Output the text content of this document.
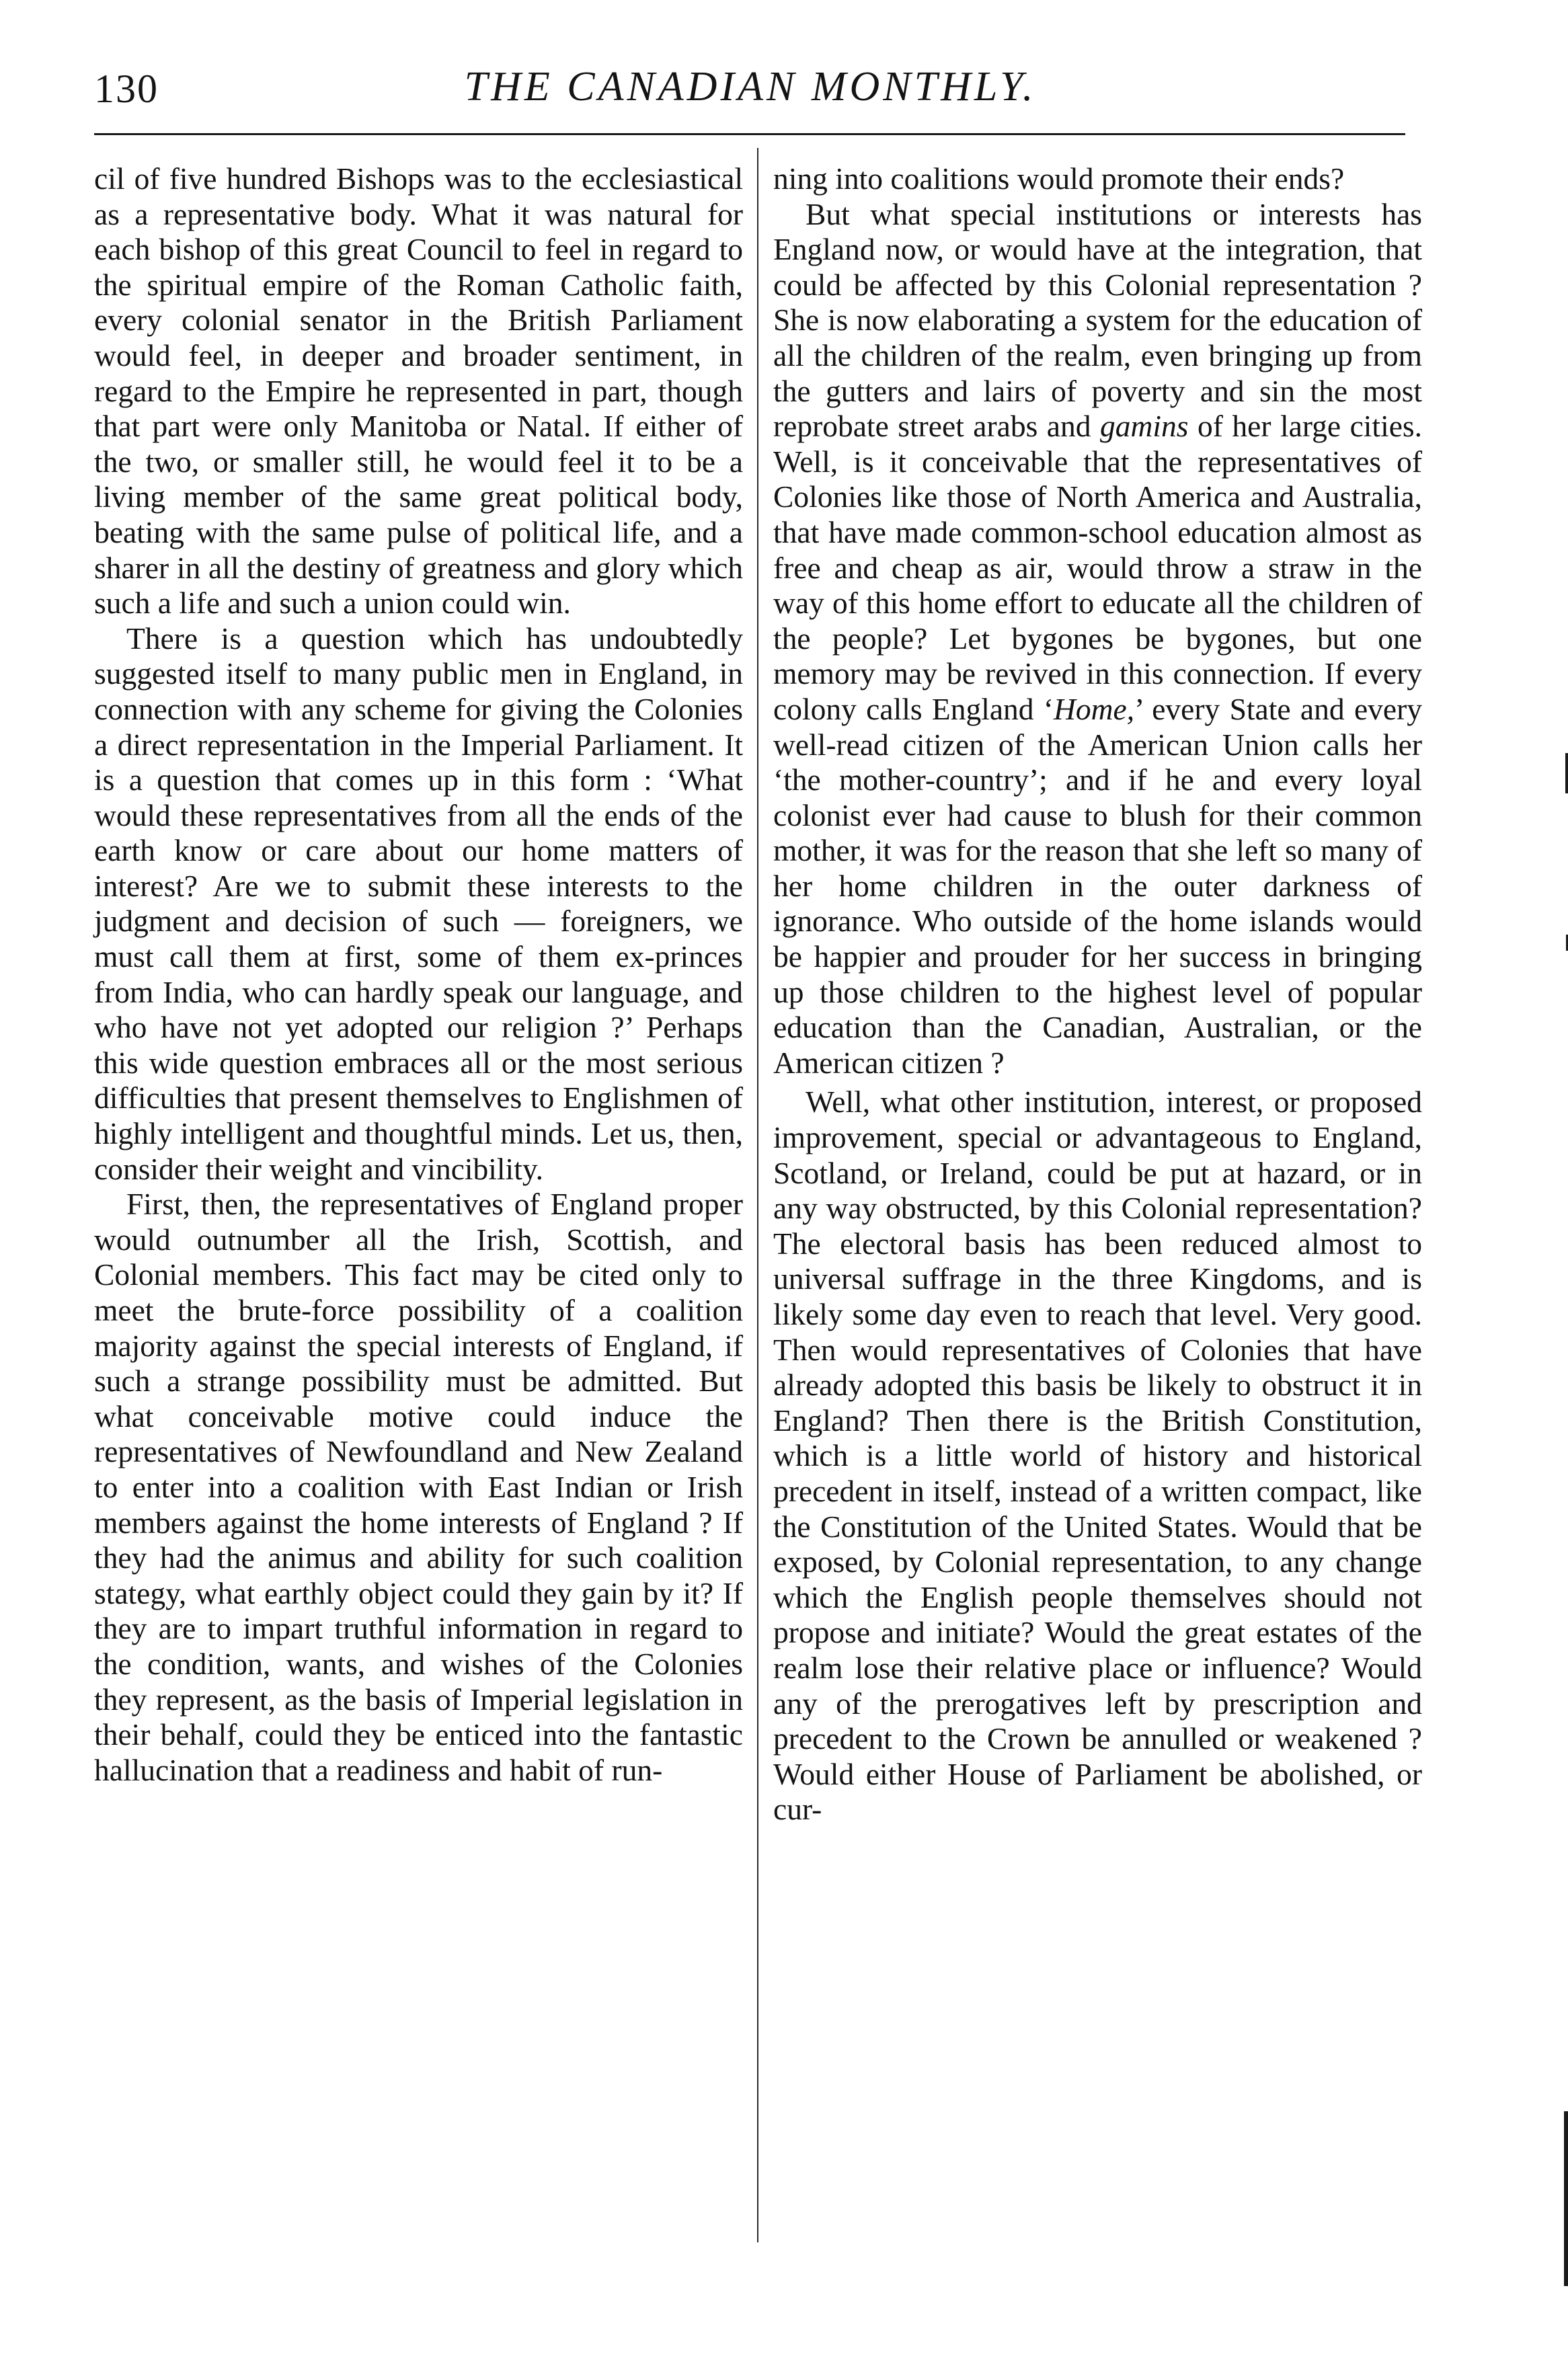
130	THE CANADIAN MONTHLY.

cil of five hundred Bishops was to the ecclesiastical as a representative body. What it was natural for each bishop of this great Council to feel in regard to the spiritual empire of the Roman Catholic faith, every colonial senator in the British Parliament would feel, in deeper and broader sentiment, in regard to the Empire he represented in part, though that part were only Manitoba or Natal. If either of the two, or smaller still, he would feel it to be a living member of the same great political body, beating with the same pulse of political life, and a sharer in all the destiny of greatness and glory which such a life and such a union could win.

There is a question which has undoubtedly suggested itself to many public men in England, in connection with any scheme for giving the Colonies a direct representation in the Imperial Parliament. It is a question that comes up in this form : ‘What would these representatives from all the ends of the earth know or care about our home matters of interest? Are we to submit these interests to the judgment and decision of such — foreigners, we must call them at first, some of them ex-princes from India, who can hardly speak our language, and who have not yet adopted our religion ?’ Perhaps this wide question embraces all or the most serious difficulties that present themselves to Englishmen of highly intelligent and thoughtful minds. Let us, then, consider their weight and vincibility.

First, then, the representatives of England proper would outnumber all the Irish, Scottish, and Colonial members. This fact may be cited only to meet the brute-force possibility of a coalition majority against the special interests of England, if such a strange possibility must be admitted. But what conceivable motive could induce the representatives of Newfoundland and New Zealand to enter into a coalition with East Indian or Irish members against the home interests of England ? If they had the animus and ability for such coalition stategy, what earthly object could they gain by it? If they are to impart truthful information in regard to the condition, wants, and wishes of the Colonies they represent, as the basis of Imperial legislation in their behalf, could they be enticed into the fantastic hallucination that a readiness and habit of run-

ning into coalitions would promote their ends?

But what special institutions or interests has England now, or would have at the integration, that could be affected by this Colonial representation ? She is now elaborating a system for the education of all the children of the realm, even bringing up from the gutters and lairs of poverty and sin the most reprobate street arabs and gamins of her large cities. Well, is it conceivable that the representatives of Colonies like those of North America and Australia, that have made common-school education almost as free and cheap as air, would throw a straw in the way of this home effort to educate all the children of the people? Let bygones be bygones, but one memory may be revived in this connection. If every colony calls England ‘Home,’ every State and every well-read citizen of the American Union calls her ‘the mother-country’; and if he and every loyal colonist ever had cause to blush for their common mother, it was for the reason that she left so many of her home children in the outer darkness of ignorance. Who outside of the home islands would be happier and prouder for her success in bringing up those children to the highest level of popular education than the Canadian, Australian, or the American citizen ?

Well, what other institution, interest, or proposed improvement, special or advantageous to England, Scotland, or Ireland, could be put at hazard, or in any way obstructed, by this Colonial representation? The electoral basis has been reduced almost to universal suffrage in the three Kingdoms, and is likely some day even to reach that level. Very good. Then would representatives of Colonies that have already adopted this basis be likely to obstruct it in England? Then there is the British Constitution, which is a little world of history and historical precedent in itself, instead of a written compact, like the Constitution of the United States. Would that be exposed, by Colonial representation, to any change which the English people themselves should not propose and initiate? Would the great estates of the realm lose their relative place or influence? Would any of the prerogatives left by prescription and precedent to the Crown be annulled or weakened ? Would either House of Parliament be abolished, or cur-
